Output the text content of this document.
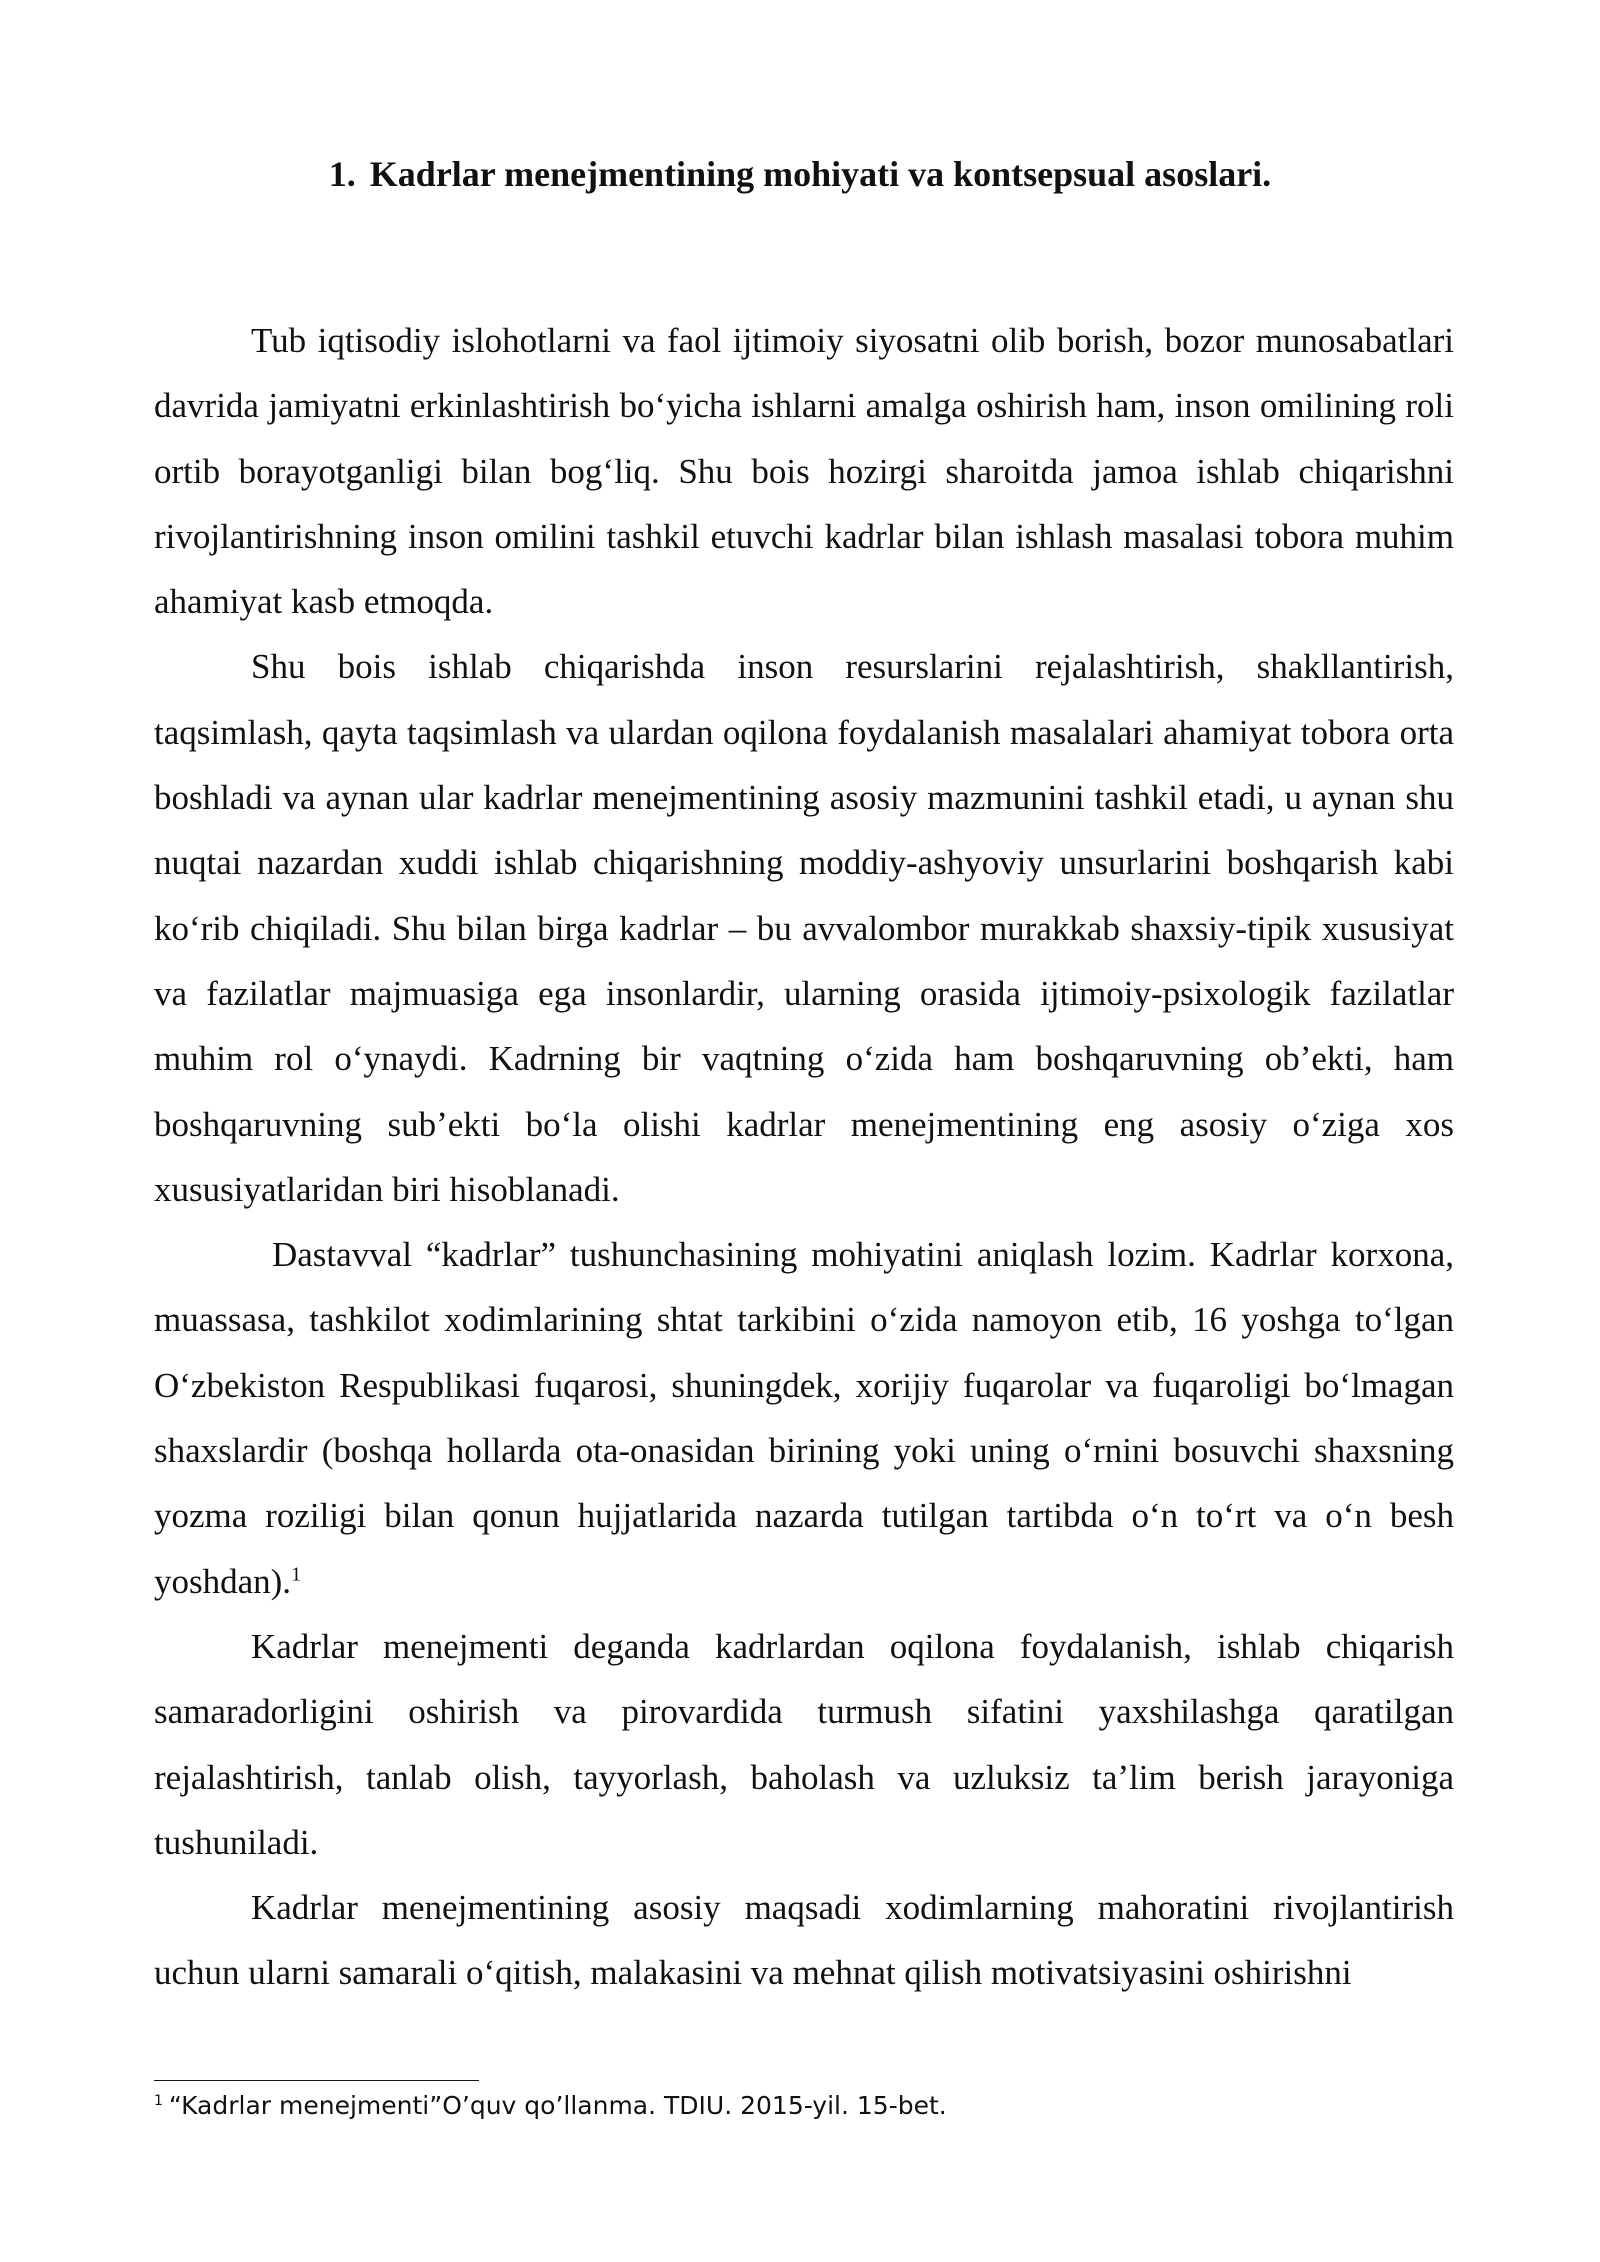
1. Kadrlar menejmentining mohiyati va kontsepsual asoslari.

Tub iqtisodiy islohotlarni va faol ijtimoiy siyosatni olib borish, bozor munosabatlari davrida jamiyatni erkinlashtirish boʻyicha ishlarni amalga oshirish ham, inson omilining roli ortib borayotganligi bilan bogʻliq. Shu bois hozirgi sharoitda jamoa ishlab chiqarishni rivojlantirishning inson omilini tashkil etuvchi kadrlar bilan ishlash masalasi tobora muhim ahamiyat kasb etmoqda.

Shu bois ishlab chiqarishda inson resurslarini rejalashtirish, shakllantirish, taqsimlash, qayta taqsimlash va ulardan oqilona foydalanish masalalari ahamiyat tobora orta boshladi va aynan ular kadrlar menejmentining asosiy mazmunini tashkil etadi, u aynan shu nuqtai nazardan xuddi ishlab chiqarishning moddiy-ashyoviy unsurlarini boshqarish kabi koʻrib chiqiladi. Shu bilan birga kadrlar – bu avvalombor murakkab shaxsiy-tipik xususiyat va fazilatlar majmuasiga ega insonlardir, ularning orasida ijtimoiy-psixologik fazilatlar muhim rol oʻynaydi. Kadrning bir vaqtning oʻzida ham boshqaruvning obʼekti, ham boshqaruvning subʼekti boʻla olishi kadrlar menejmentining eng asosiy oʻziga xos xususiyatlaridan biri hisoblanadi.

Dastavval “kadrlar” tushunchasining mohiyatini aniqlash lozim. Kadrlar korxona, muassasa, tashkilot xodimlarining shtat tarkibini oʻzida namoyon etib, 16 yoshga toʻlgan Oʻzbekiston Respublikasi fuqarosi, shuningdek, xorijiy fuqarolar va fuqaroligi boʻlmagan shaxslardir (boshqa hollarda ota-onasidan birining yoki uning oʻrnini bosuvchi shaxsning yozma roziligi bilan qonun hujjatlarida nazarda tutilgan tartibda oʻn toʻrt va oʻn besh yoshdan).$^1$

Kadrlar menejmenti deganda kadrlardan oqilona foydalanish, ishlab chiqarish samaradorligini oshirish va pirovardida turmush sifatini yaxshilashga qaratilgan rejalashtirish, tanlab olish, tayyorlash, baholash va uzluksiz taʼlim berish jarayoniga tushuniladi.

Kadrlar menejmentining asosiy maqsadi xodimlarning mahoratini rivojlantirish uchun ularni samarali oʻqitish, malakasini va mehnat qilish motivatsiyasini oshirishni

$^1$ “Kadrlar menejmenti”O’quv qo’llanma. TDIU. 2015-yil. 15-bet.
